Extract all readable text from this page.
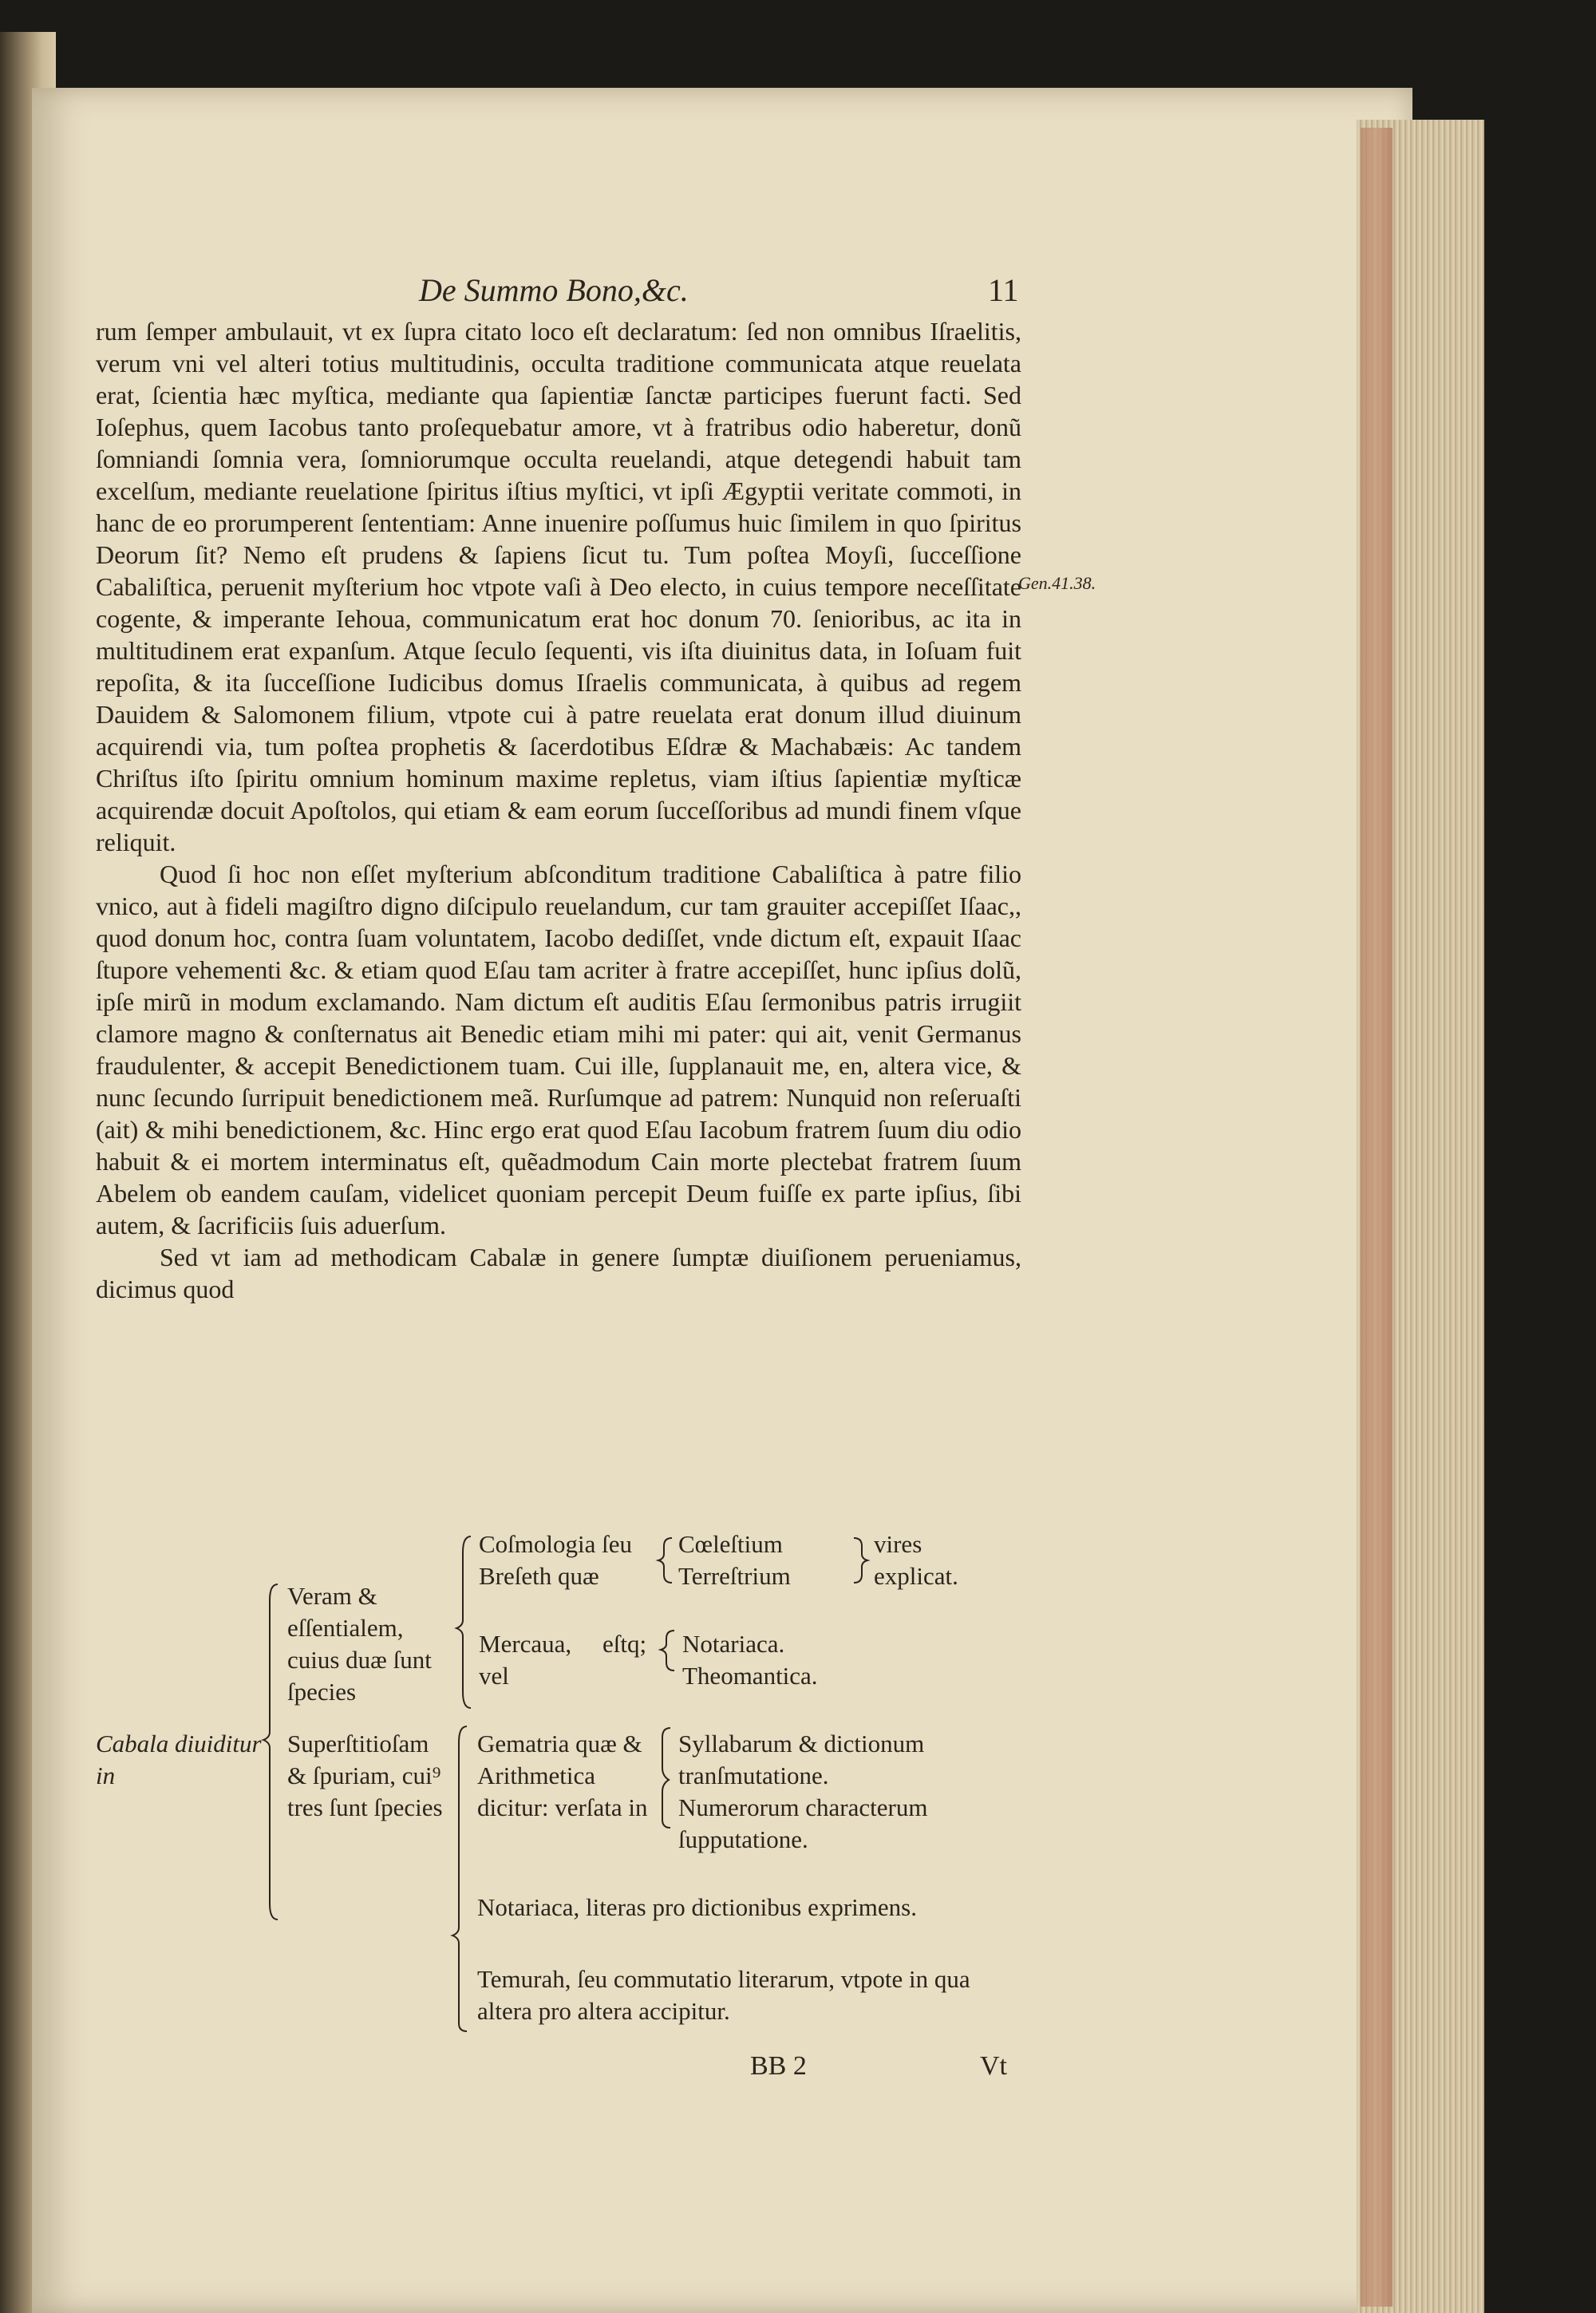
De Summo Bono,&c.	11

rum ſemper ambulauit, vt ex ſupra citato loco eſt declaratum: ſed non omnibus Iſraelitis, verum vni vel alteri totius multitudinis, occulta traditione communicata atque reuelata erat, ſcientia hæc myſtica, mediante qua ſapientiæ ſanctæ participes fuerunt facti. Sed Ioſephus, quem Iacobus tanto proſequebatur amore, vt à fratribus odio haberetur, donũ ſomniandi ſomnia vera, ſomniorumque occulta reuelandi, atque detegendi habuit tam excelſum, mediante reuelatione ſpiritus iſtius myſtici, vt ipſi Ægyptii veritate commoti, in hanc de eo prorumperent ſententiam: Anne inuenire poſſumus huic ſimilem in quo ſpiritus Deorum ſit? Nemo eſt prudens & ſapiens ſicut tu. Tum poſtea Moyſi, ſucceſſione Cabaliſtica, peruenit myſterium hoc vtpote vaſi à Deo electo, in cuius tempore neceſſitate cogente, & imperante Iehoua, communicatum erat hoc donum 70. ſenioribus, ac ita in multitudinem erat expanſum. Atque ſeculo ſequenti, vis iſta diuinitus data, in Ioſuam fuit repoſita, & ita ſucceſſione Iudicibus domus Iſraelis communicata, à quibus ad regem Dauidem & Salomonem filium, vtpote cui à patre reuelata erat donum illud diuinum acquirendi via, tum poſtea prophetis & ſacerdotibus Eſdræ & Machabæis: Ac tandem Chriſtus iſto ſpiritu omnium hominum maxime repletus, viam iſtius ſapientiæ myſticæ acquirendæ docuit Apoſtolos, qui etiam & eam eorum ſucceſſoribus ad mundi finem vſque reliquit.

Quod ſi hoc non eſſet myſterium abſconditum traditione Cabaliſtica à patre filio vnico, aut à fideli magiſtro digno diſcipulo reuelandum, cur tam grauiter accepiſſet Iſaac,, quod donum hoc, contra ſuam voluntatem, Iacobo dediſſet, vnde dictum eſt, expauit Iſaac ſtupore vehementi &c. & etiam quod Eſau tam acriter à fratre accepiſſet, hunc ipſius dolũ, ipſe mirũ in modum exclamando. Nam dictum eſt auditis Eſau ſermonibus patris irrugiit clamore magno & conſternatus ait Benedic etiam mihi mi pater: qui ait, venit Germanus fraudulenter, & accepit Benedictionem tuam. Cui ille, ſupplanauit me, en, altera vice, & nunc ſecundo ſurripuit benedictionem meã. Rurſumque ad patrem: Nunquid non reſeruaſti (ait) & mihi benedictionem, &c. Hinc ergo erat quod Eſau Iacobum fratrem ſuum diu odio habuit & ei mortem interminatus eſt, quẽadmodum Cain morte plectebat fratrem ſuum Abelem ob eandem cauſam, videlicet quoniam percepit Deum fuiſſe ex parte ipſius, ſibi autem, & ſacrificiis ſuis aduerſum.

Sed vt iam ad methodicam Cabalæ in genere ſumptæ diuiſionem perueniamus, dicimus quod

Gen.41.38.
Cabala diuiditur in
Veram & eſſentialem, cuius duæ ſunt ſpecies
Superſtitioſam & ſpuriam, cui⁹ tres ſunt ſpecies
Coſmologia ſeu Breſeth quæ
Cœleſtium
Terreſtrium
vires explicat.
Mercaua, vel
eſtq;	Notariaca.
Theomantica.
Gematria quæ & Arithmetica dicitur: verſata in
Syllabarum & dictionum tranſmutatione.
Numerorum characterum ſupputatione.
Notariaca, literas pro dictionibus exprimens.
Temurah, ſeu commutatio literarum, vtpote in qua altera pro altera accipitur.
BB 2	Vt
